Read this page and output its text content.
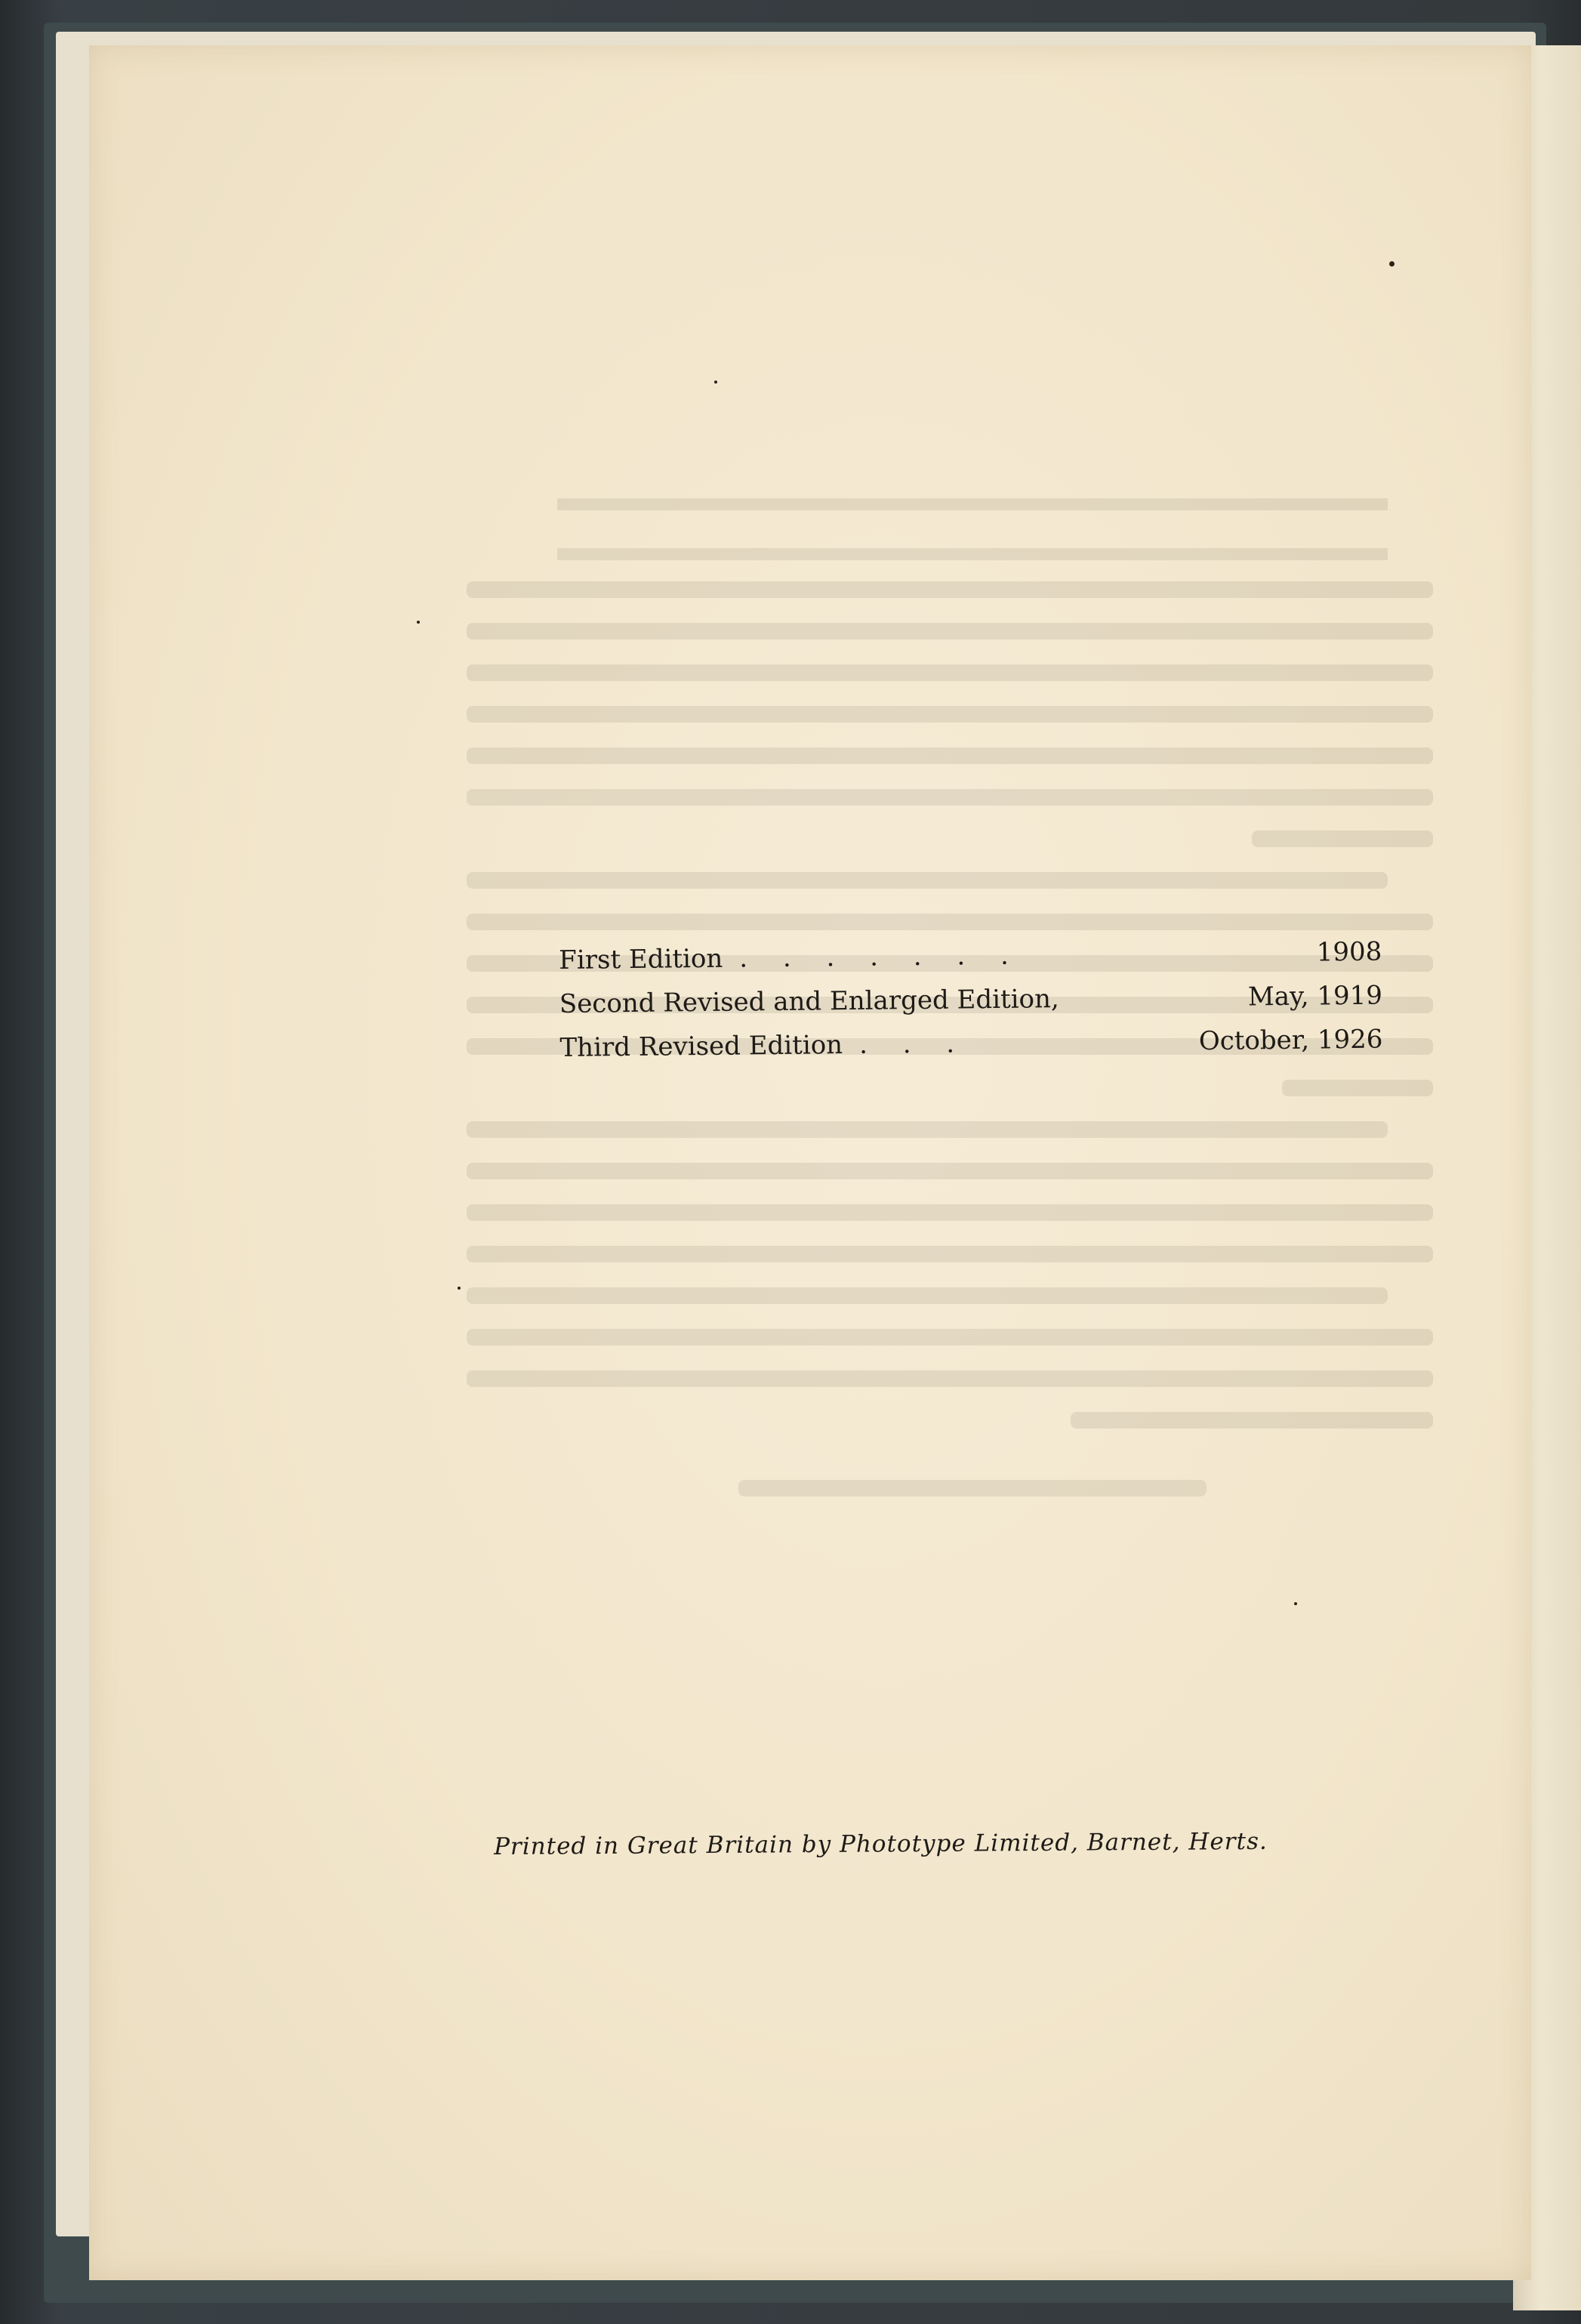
First Edition . . . . . . .	1908
Second Revised and Enlarged Edition,	May, 1919
Third Revised Edition . . .	October, 1926
Printed in Great Britain by Phototype Limited, Barnet, Herts.
